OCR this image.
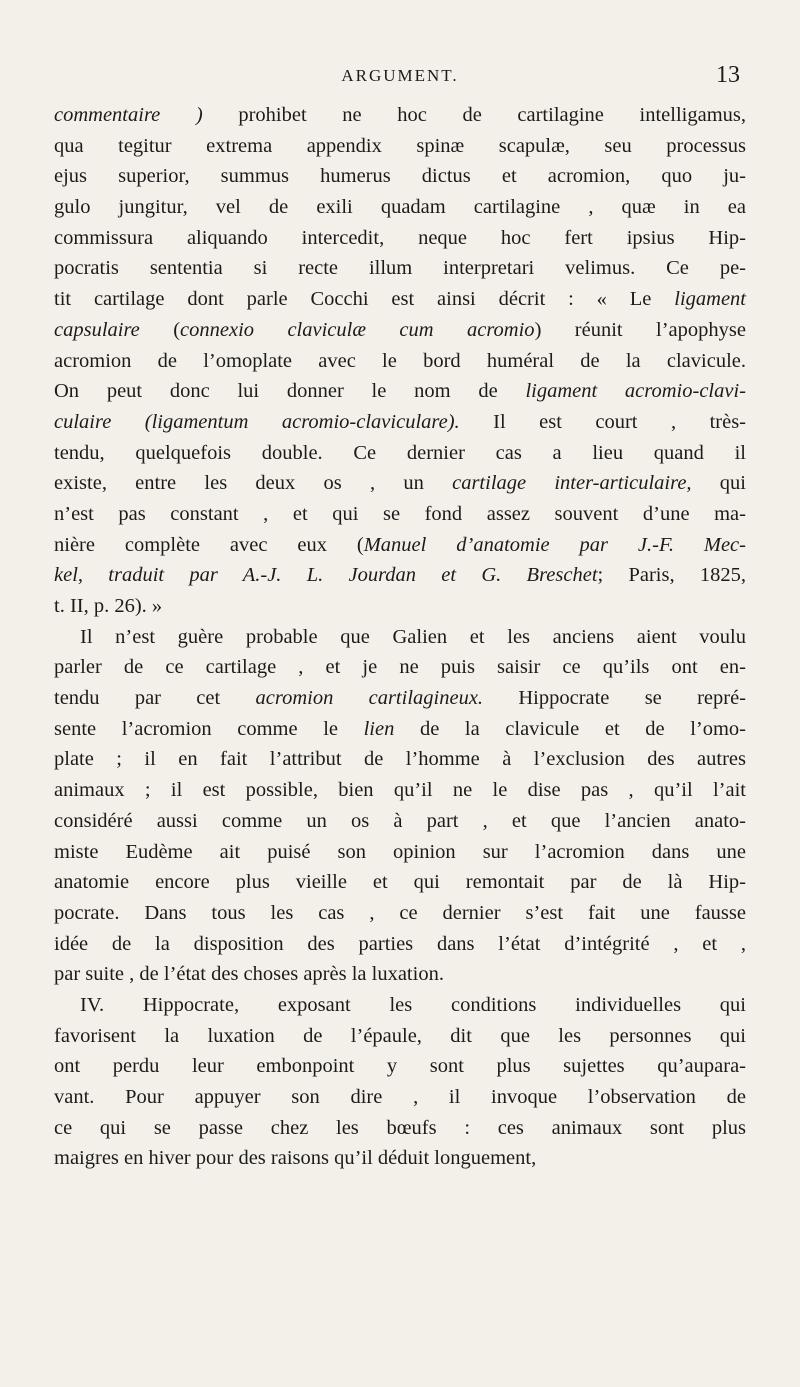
ARGUMENT.	13
commentaire ) prohibet ne hoc de cartilagine intelligamus,
qua tegitur extrema appendix spinæ scapulæ, seu processus
ejus superior, summus humerus dictus et acromion, quo ju-
gulo jungitur, vel de exili quadam cartilagine , quæ in ea
commissura aliquando intercedit, neque hoc fert ipsius Hip-
pocratis sententia si recte illum interpretari velimus. Ce pe-
tit cartilage dont parle Cocchi est ainsi décrit : « Le ligament
capsulaire (connexio claviculæ cum acromio) réunit l’apophyse
acromion de l’omoplate avec le bord huméral de la clavicule.
On peut donc lui donner le nom de ligament acromio-clavi-
culaire (ligamentum acromio-claviculare). Il est court , très-
tendu, quelquefois double. Ce dernier cas a lieu quand il
existe, entre les deux os , un cartilage inter-articulaire, qui
n’est pas constant , et qui se fond assez souvent d’une ma-
nière complète avec eux (Manuel d’anatomie par J.-F. Mec-
kel, traduit par A.-J. L. Jourdan et G. Breschet; Paris, 1825,
t. II, p. 26). »
Il n’est guère probable que Galien et les anciens aient voulu
parler de ce cartilage , et je ne puis saisir ce qu’ils ont en-
tendu par cet acromion cartilagineux. Hippocrate se repré-
sente l’acromion comme le lien de la clavicule et de l’omo-
plate ; il en fait l’attribut de l’homme à l’exclusion des autres
animaux ; il est possible, bien qu’il ne le dise pas , qu’il l’ait
considéré aussi comme un os à part , et que l’ancien anato-
miste Eudème ait puisé son opinion sur l’acromion dans une
anatomie encore plus vieille et qui remontait par de là Hip-
pocrate. Dans tous les cas , ce dernier s’est fait une fausse
idée de la disposition des parties dans l’état d’intégrité , et ,
par suite , de l’état des choses après la luxation.
IV. Hippocrate, exposant les conditions individuelles qui
favorisent la luxation de l’épaule, dit que les personnes qui
ont perdu leur embonpoint y sont plus sujettes qu’aupara-
vant. Pour appuyer son dire , il invoque l’observation de
ce qui se passe chez les bœufs : ces animaux sont plus
maigres en hiver pour des raisons qu’il déduit longuement,
